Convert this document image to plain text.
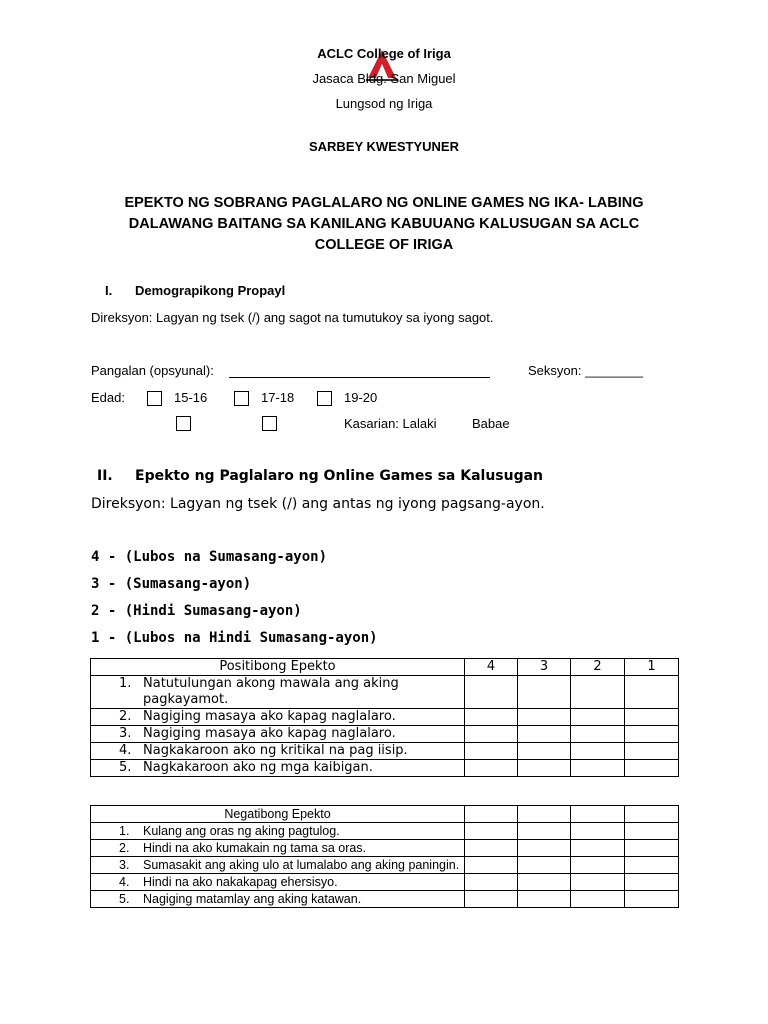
ACLC College of Iriga
Jasaca Bldg. San Miguel
Lungsod ng Iriga
SARBEY KWESTYUNER
EPEKTO NG SOBRANG PAGLALARO NG ONLINE GAMES NG IKA- LABING DALAWANG BAITANG SA KANILANG KABUUANG KALUSUGAN SA ACLC COLLEGE OF IRIGA
I. Demograpikong Propayl
Direksyon: Lagyan ng tsek (/) ang sagot na tumutukoy sa iyong sagot.
Pangalan (opsyunal):	Seksyon: ________
Edad:	15-16	17-18	19-20
Kasarian: Lalaki	Babae
II. Epekto ng Paglalaro ng Online Games sa Kalusugan
Direksyon: Lagyan ng tsek (/) ang antas ng iyong pagsang-ayon.
4 - (Lubos na Sumasang-ayon)
3 - (Sumasang-ayon)
2 - (Hindi Sumasang-ayon)
1 - (Lubos na Hindi Sumasang-ayon)
Positibong Epekto	4	3	2	1

1. Natutulungan akong mawala ang aking pagkayamot.				

2. Nagiging masaya ako kapag naglalaro.				

3. Nagiging masaya ako kapag naglalaro.				

4. Nagkakaroon ako ng kritikal na pag iisip.				

5. Nagkakaroon ako ng mga kaibigan.				
Negatibong Epekto				

1. Kulang ang oras ng aking pagtulog.				

2. Hindi na ako kumakain ng tama sa oras.				

3. Sumasakit ang aking ulo at lumalabo ang aking paningin.				

4. Hindi na ako nakakapag ehersisyo.				

5. Nagiging matamlay ang aking katawan.				
